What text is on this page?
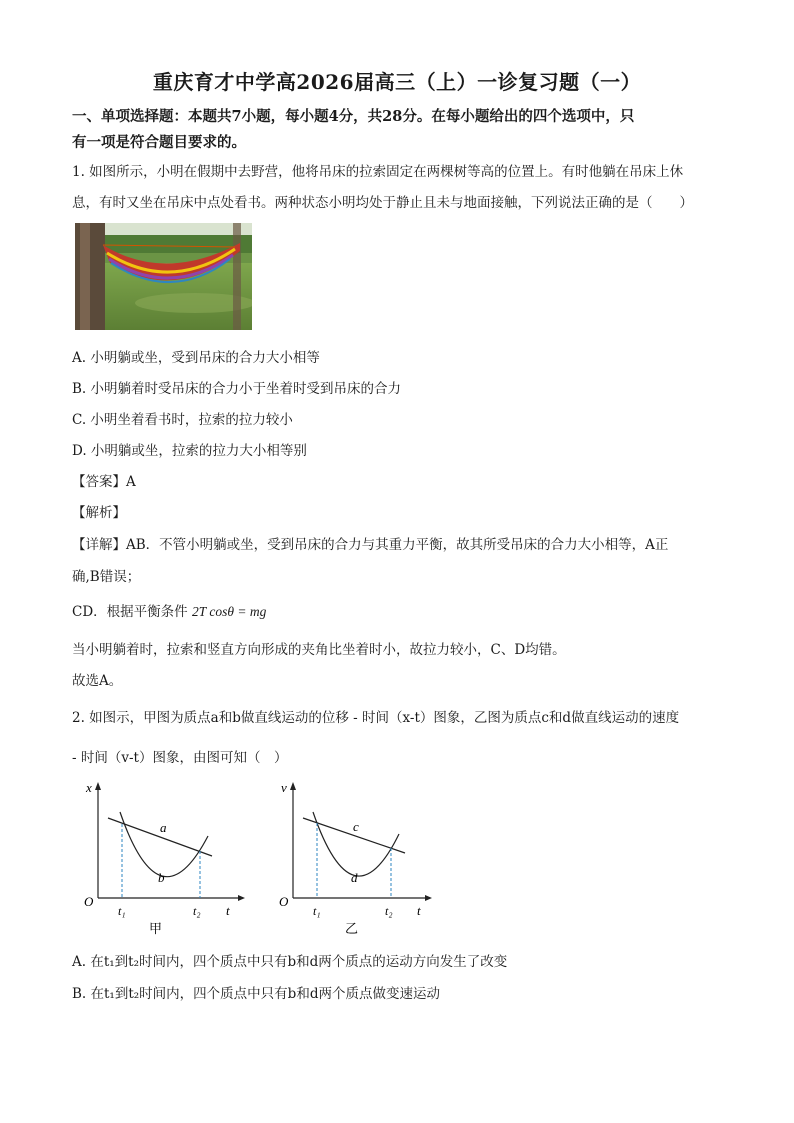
重庆育才中学高2026届高三（上）一诊复习题（一）
一、单项选择题：本题共7小题，每小题4分，共28分。在每小题给出的四个选项中，只
有一项是符合题目要求的。
1. 如图所示，小明在假期中去野营，他将吊床的拉索固定在两棵树等高的位置上。有时他躺在吊床上休
息，有时又坐在吊床中点处看书。两种状态小明均处于静止且未与地面接触，下列说法正确的是（　　）
A. 小明躺或坐，受到吊床的合力大小相等
B. 小明躺着时受吊床的合力小于坐着时受到吊床的合力
C. 小明坐着看书时，拉索的拉力较小
D. 小明躺或坐，拉索的拉力大小相等别
【答案】A
【解析】
【详解】AB．不管小明躺或坐，受到吊床的合力与其重力平衡，故其所受吊床的合力大小相等，A正
确,B错误；
CD．根据平衡条件 2T cosθ = mg
当小明躺着时，拉索和竖直方向形成的夹角比坐着时小，故拉力较小，C、D均错。
故选A。
2. 如图示，甲图为质点a和b做直线运动的位移 - 时间（x-t）图象，乙图为质点c和d做直线运动的速度
- 时间（v-t）图象，由图可知（　）
x
t
O
a
b
t₁	t₂
甲
v
t
O
c
d
t₁	t₂
乙
A. 在t₁到t₂时间内，四个质点中只有b和d两个质点的运动方向发生了改变
B. 在t₁到t₂时间内，四个质点中只有b和d两个质点做变速运动
